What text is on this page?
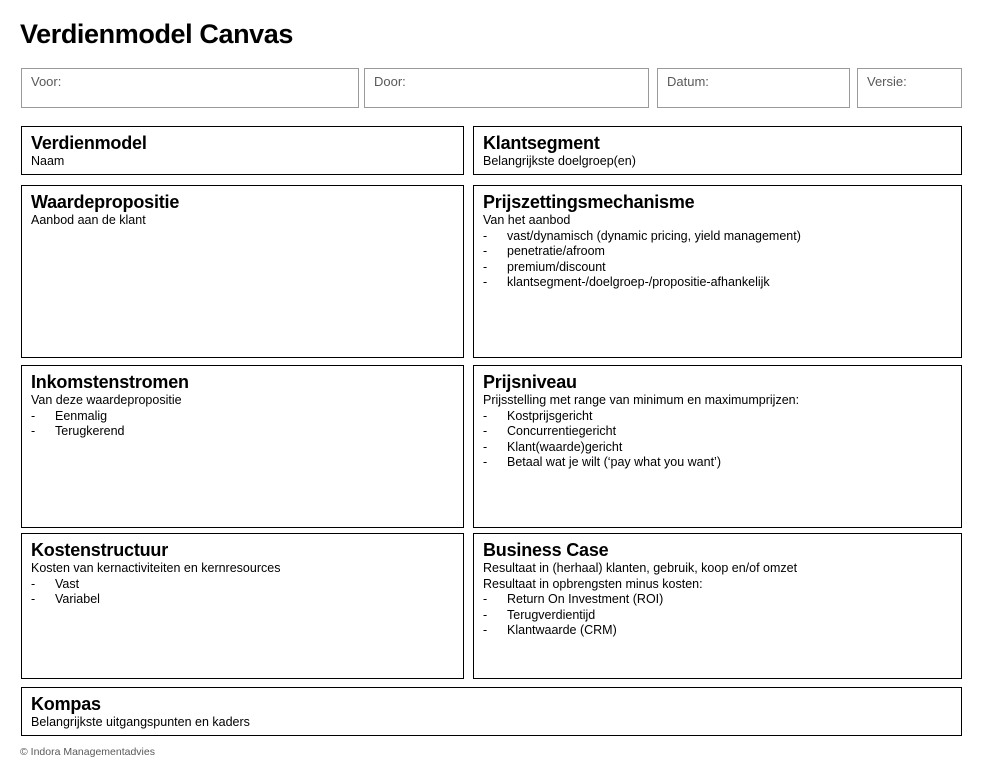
Verdienmodel Canvas
Voor:	Door:	Datum:	Versie:
Verdienmodel
Naam
Klantsegment
Belangrijkste doelgroep(en)
Waardepropositie
Aanbod aan de klant
Prijszettingsmechanisme
Van het aanbod
- vast/dynamisch (dynamic pricing, yield management)
- penetratie/afroom
- premium/discount
- klantsegment-/doelgroep-/propositie-afhankelijk
Inkomstenstromen
Van deze waardepropositie
- Eenmalig
- Terugkerend
Prijsniveau
Prijsstelling met range van minimum en maximumprijzen:
- Kostprijsgericht
- Concurrentiegericht
- Klant(waarde)gericht
- Betaal wat je wilt (‘pay what you want’)
Kostenstructuur
Kosten van kernactiviteiten en kernresources
- Vast
- Variabel
Business Case
Resultaat in (herhaal) klanten, gebruik, koop en/of omzet
Resultaat in opbrengsten minus kosten:
- Return On Investment (ROI)
- Terugverdientijd
- Klantwaarde (CRM)
Kompas
Belangrijkste uitgangspunten en kaders
© Indora Managementadvies
